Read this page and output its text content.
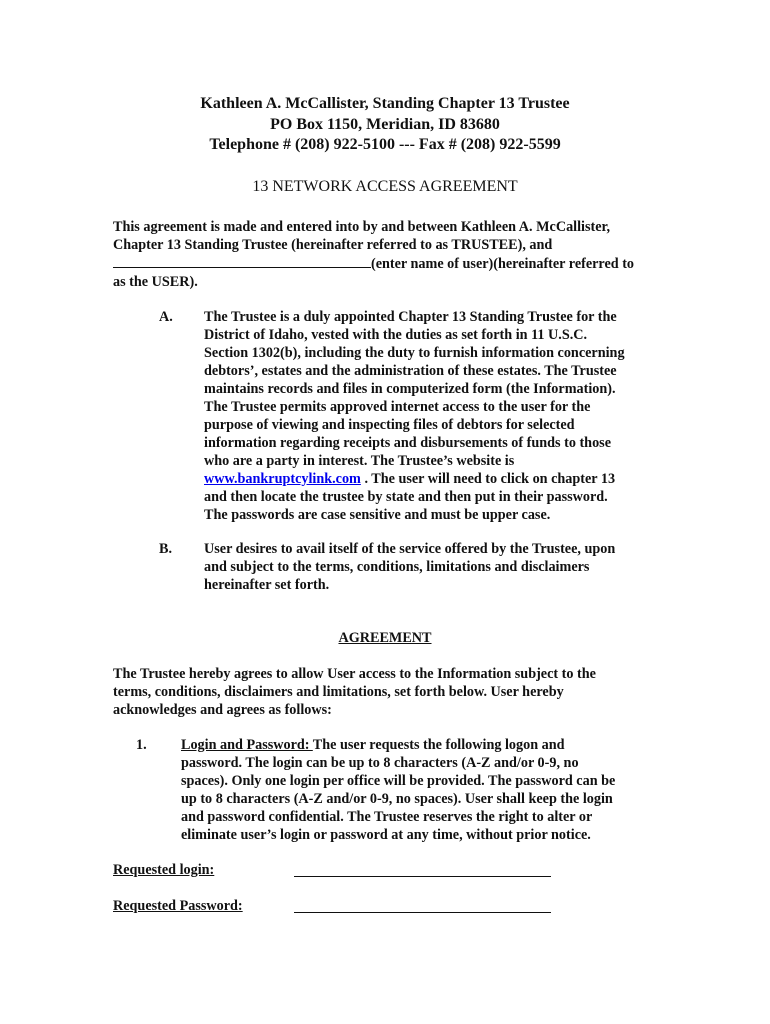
Kathleen A. McCallister, Standing Chapter 13 Trustee
PO Box 1150, Meridian, ID 83680
Telephone # (208) 922-5100 --- Fax # (208) 922-5599
13 NETWORK ACCESS AGREEMENT
This agreement is made and entered into by and between Kathleen A. McCallister,
Chapter 13 Standing Trustee (hereinafter referred to as TRUSTEE), and
(enter name of user)(hereinafter referred to
as the USER).
A. The Trustee is a duly appointed Chapter 13 Standing Trustee for the
District of Idaho, vested with the duties as set forth in 11 U.S.C.
Section 1302(b), including the duty to furnish information concerning
debtors’, estates and the administration of these estates. The Trustee
maintains records and files in computerized form (the Information).
The Trustee permits approved internet access to the user for the
purpose of viewing and inspecting files of debtors for selected
information regarding receipts and disbursements of funds to those
who are a party in interest. The Trustee’s website is
www.bankruptcylink.com . The user will need to click on chapter 13
and then locate the trustee by state and then put in their password.
The passwords are case sensitive and must be upper case.
B. User desires to avail itself of the service offered by the Trustee, upon
and subject to the terms, conditions, limitations and disclaimers
hereinafter set forth.
AGREEMENT
The Trustee hereby agrees to allow User access to the Information subject to the
terms, conditions, disclaimers and limitations, set forth below. User hereby
acknowledges and agrees as follows:
1. Login and Password: The user requests the following logon and
password. The login can be up to 8 characters (A-Z and/or 0-9, no
spaces). Only one login per office will be provided. The password can be
up to 8 characters (A-Z and/or 0-9, no spaces). User shall keep the login
and password confidential. The Trustee reserves the right to alter or
eliminate user’s login or password at any time, without prior notice.
Requested login:
Requested Password:
